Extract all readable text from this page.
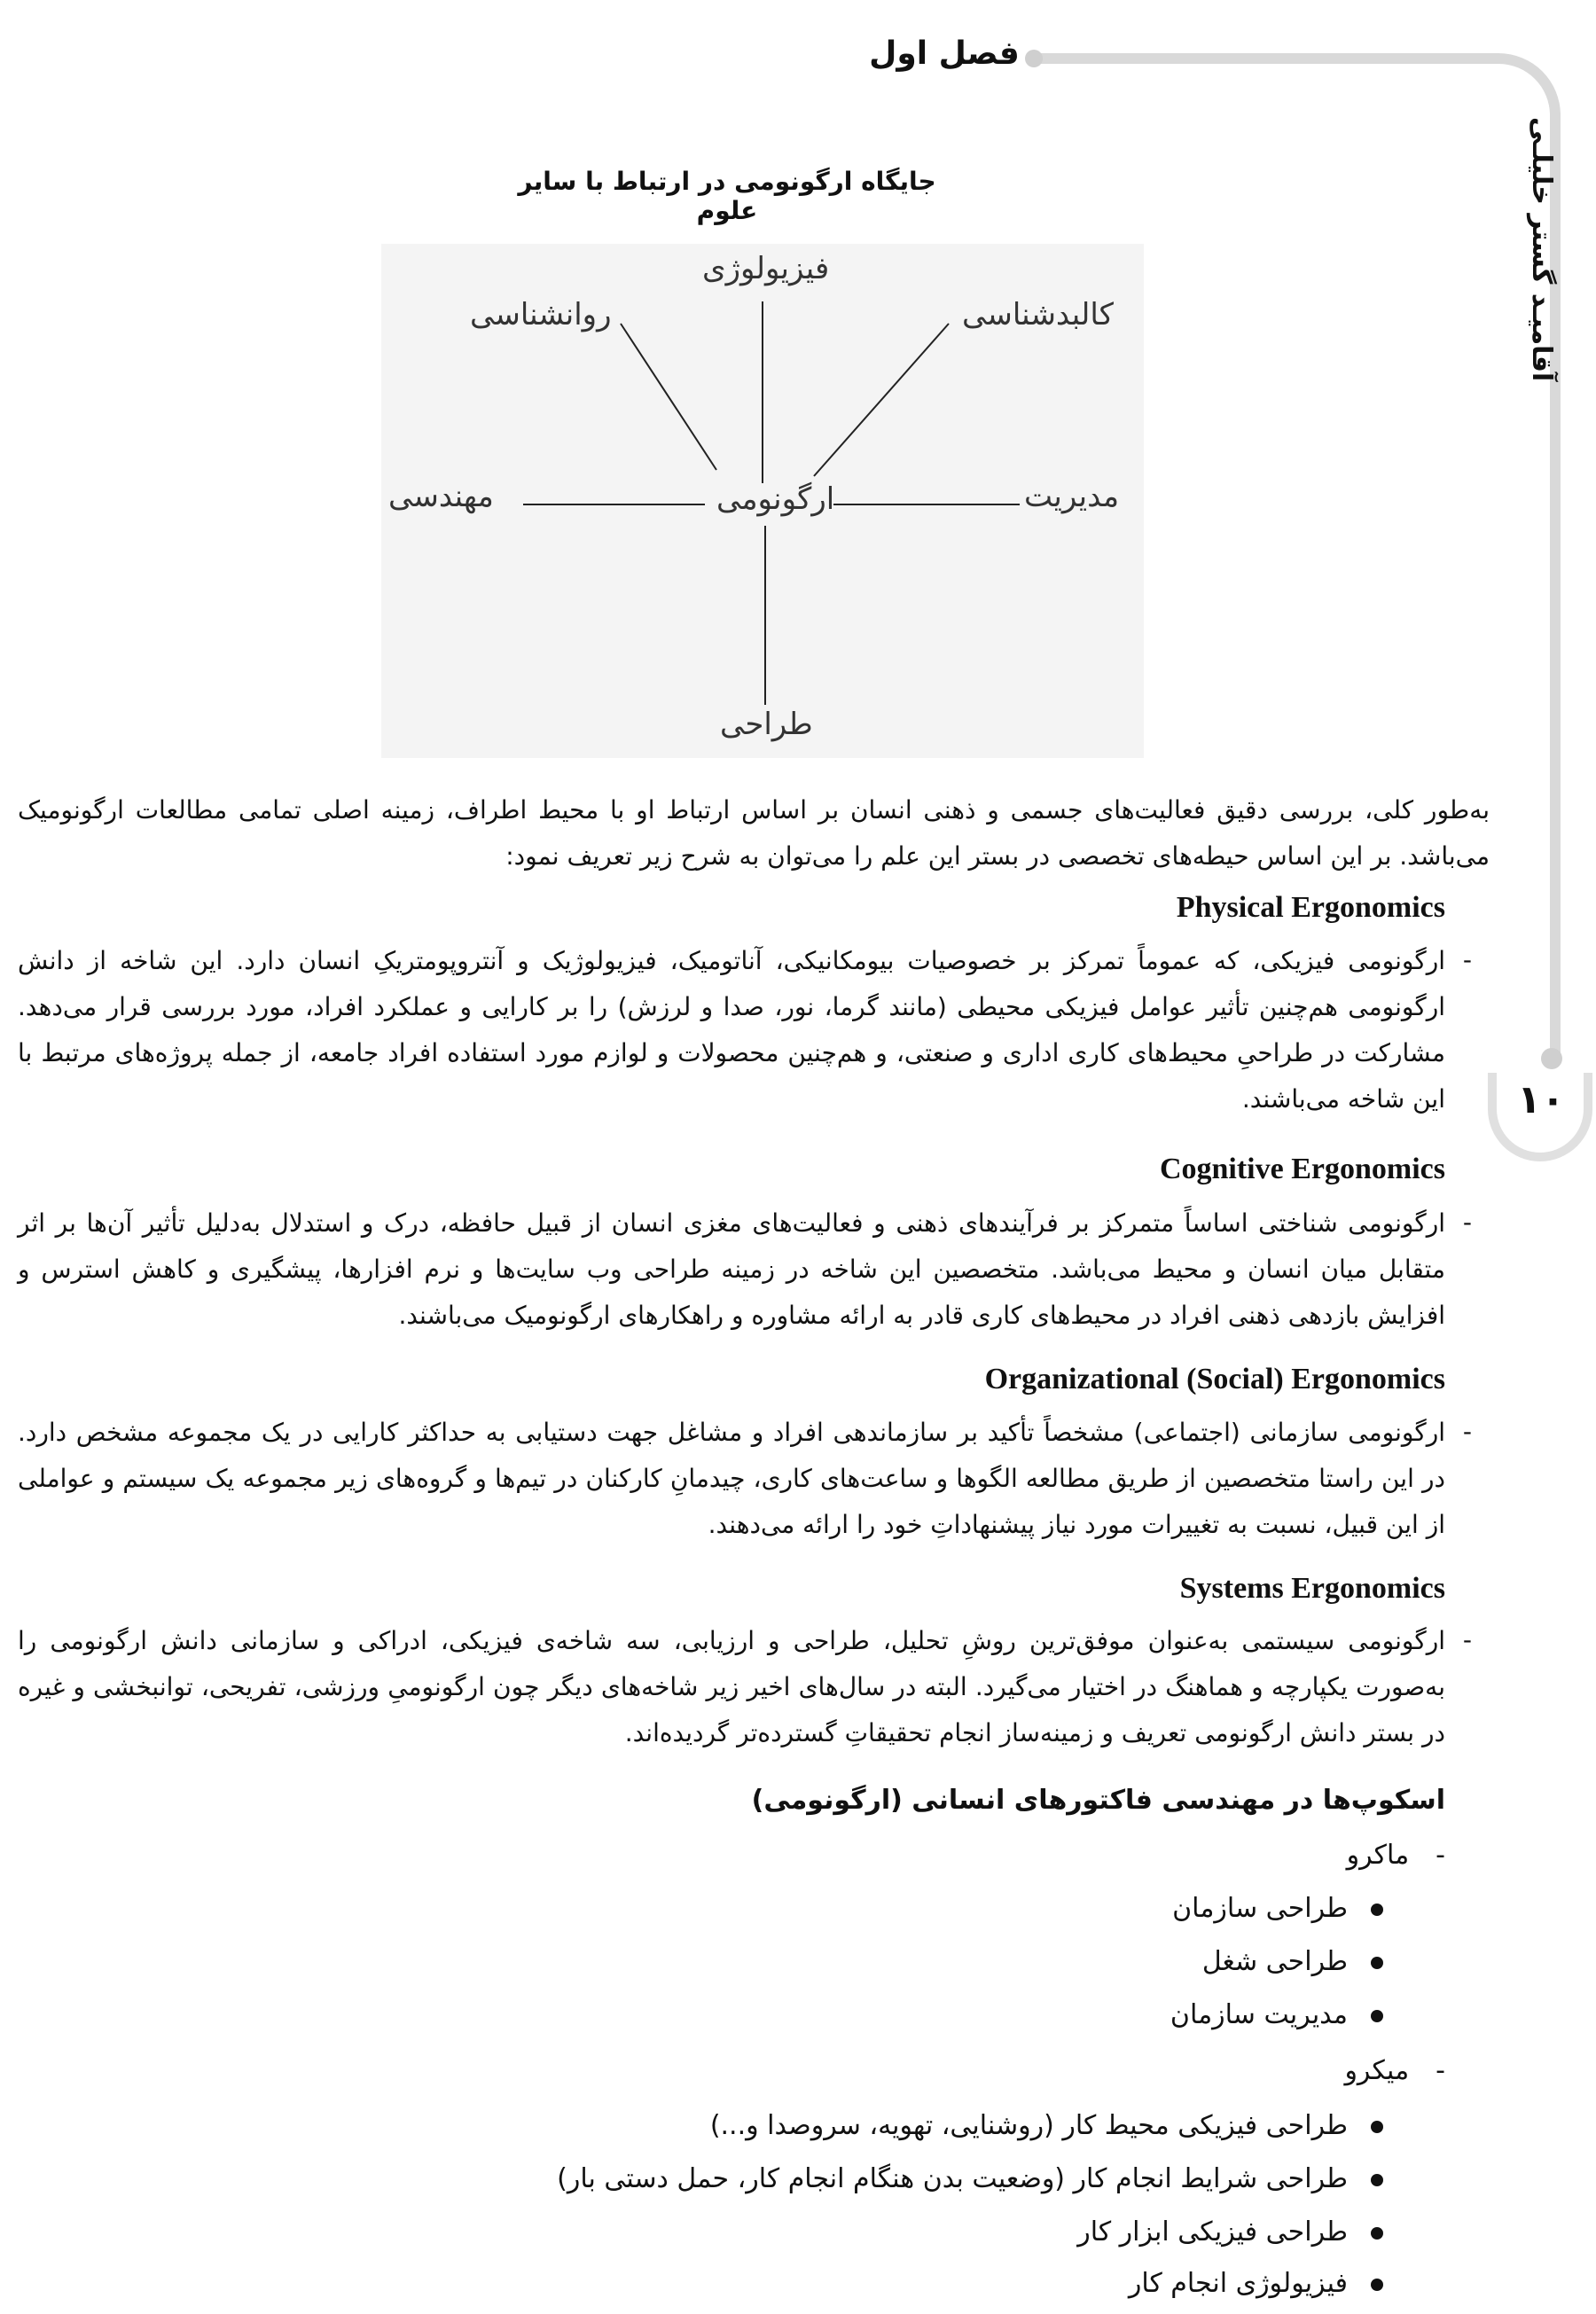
فصل اول
آقامیـد گستر خلیلـی
۱۰
جایگاه ارگونومی در ارتباط با سایر علوم
فیزیولوژی
روانشناسی	کالبدشناسی
مهندسی	ارگونومی	مدیریت
طراحی
به‌طور کلی، بررسی دقیق فعالیت‌های جسمی و ذهنی انسان بر اساس ارتباط او با محیط اطراف، زمینه اصلی تمامی مطالعات ارگونومیک می‌باشد. بر این اساس حیطه‌های تخصصی در بستر این علم را می‌توان به شرح زیر تعریف نمود:
Physical Ergonomics
-
ارگونومی فیزیکی، که عموماً تمرکز بر خصوصیات بیومکانیکی، آناتومیک، فیزیولوژیک و آنتروپومتریکِ انسان دارد. این شاخه از دانش ارگونومی هم‌چنین تأثیر عوامل فیزیکی محیطی (مانند گرما، نور، صدا و لرزش) را بر کارایی و عملکرد افراد، مورد بررسی قرار می‌دهد. مشارکت در طراحیِ محیط‌های کاری اداری و صنعتی، و هم‌چنین محصولات و لوازم مورد استفاده افراد جامعه، از جمله پروژه‌های مرتبط با این شاخه می‌باشند.
Cognitive Ergonomics
-
ارگونومی شناختی اساساً متمرکز بر فرآیندهای ذهنی و فعالیت‌های مغزی انسان از قبیل حافظه، درک و استدلال به‌دلیل تأثیر آن‌ها بر اثر متقابل میان انسان و محیط می‌باشد. متخصصین این شاخه در زمینه طراحی وب سایت‌ها و نرم افزارها، پیشگیری و کاهش استرس و افزایش بازدهی ذهنی افراد در محیط‌های کاری قادر به ارائه مشاوره و راهکارهای ارگونومیک می‌باشند.
Organizational (Social) Ergonomics
-
ارگونومی سازمانی (اجتماعی) مشخصاً تأکید بر سازماندهی افراد و مشاغل جهت دستیابی به حداکثر کارایی در یک مجموعه مشخص دارد. در این راستا متخصصین از طریق مطالعه الگوها و ساعت‌های کاری، چیدمانِ کارکنان در تیم‌ها و گروه‌های زیر مجموعه یک سیستم و عواملی از این قبیل، نسبت به تغییرات مورد نیاز پیشنهاداتِ خود را ارائه می‌دهند.
Systems Ergonomics
-
ارگونومی سیستمی به‌عنوان موفق‌ترین روشِ تحلیل، طراحی و ارزیابی، سه شاخه‌ی فیزیکی، ادراکی و سازمانی دانش ارگونومی را به‌صورت یکپارچه و هماهنگ در اختیار می‌گیرد. البته در سال‌های اخیر زیر شاخه‌های دیگر چون ارگونومیِ ورزشی، تفریحی، توانبخشی و غیره در بستر دانش ارگونومی تعریف و زمینه‌ساز انجام تحقیقاتِ گسترده‌تر گردیده‌اند.
اسکوپ‌ها در مهندسی فاکتورهای انسانی (ارگونومی)
-ماکرو
طراحی سازمان
طراحی شغل
مدیریت سازمان
-میکرو
طراحی فیزیکی محیط کار (روشنایی، تهویه، سروصدا و...)
طراحی شرایط انجام کار (وضعیت بدن هنگام انجام کار، حمل دستی بار)
طراحی فیزیکی ابزار کار
فیزیولوژی انجام کار
